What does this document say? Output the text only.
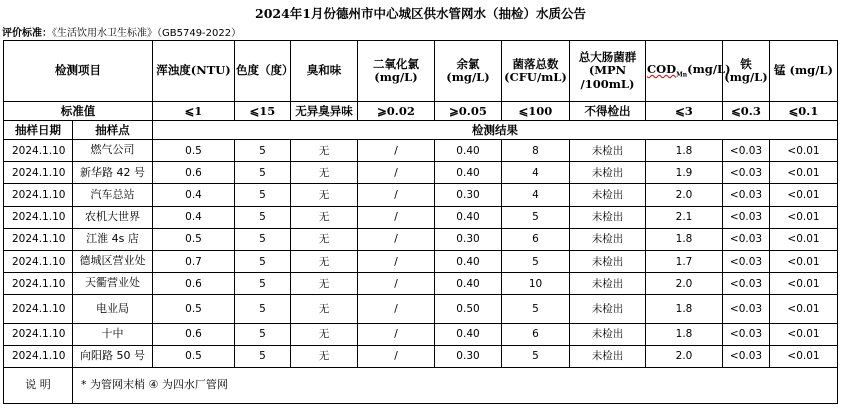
2024年1月份德州市中心城区供水管网水（抽检）水质公告
评价标准：《生活饮用水卫生标准》（GB5749-2022）
检测项目		浑浊度(NTU)	色度（度）	臭和味	二氧化氯 (mg/L)	余氯 (mg/L)	菌落总数 (CFU/mL)	总大肠菌群 (MPN /100mL)	$COD_{Mn}(mg/L)$	铁 (mg/L)	锰 (mg/L)
标准值		⩽1	⩽15	无异臭异味	⩾0.02	⩾0.05	⩽100	不得检出	⩽3	⩽0.3	⩽0.1
抽样日期	抽样点	检测结果									
2024.1.10	燃气公司	0.5	5	无	/	0.40	8	未检出	1.8	<0.03	<0.01
2024.1.10	新华路 42 号	0.6	5	无	/	0.40	4	未检出	1.9	<0.03	<0.01
2024.1.10	汽车总站	0.4	5	无	/	0.30	4	未检出	2.0	<0.03	<0.01
2024.1.10	农机大世界	0.4	5	无	/	0.40	5	未检出	2.1	<0.03	<0.01
2024.1.10	江淮 4s 店	0.5	5	无	/	0.30	6	未检出	1.8	<0.03	<0.01
2024.1.10	德城区营业处	0.7	5	无	/	0.40	5	未检出	1.7	<0.03	<0.01
2024.1.10	天衢营业处	0.6	5	无	/	0.40	10	未检出	2.0	<0.03	<0.01
2024.1.10	电业局	0.5	5	无	/	0.50	5	未检出	1.8	<0.03	<0.01
2024.1.10	十中	0.6	5	无	/	0.40	6	未检出	1.8	<0.03	<0.01
2024.1.10	向阳路 50 号	0.5	5	无	/	0.30	5	未检出	2.0	<0.03	<0.01
说 明	* 为管网末梢 ④ 为四水厂管网										
